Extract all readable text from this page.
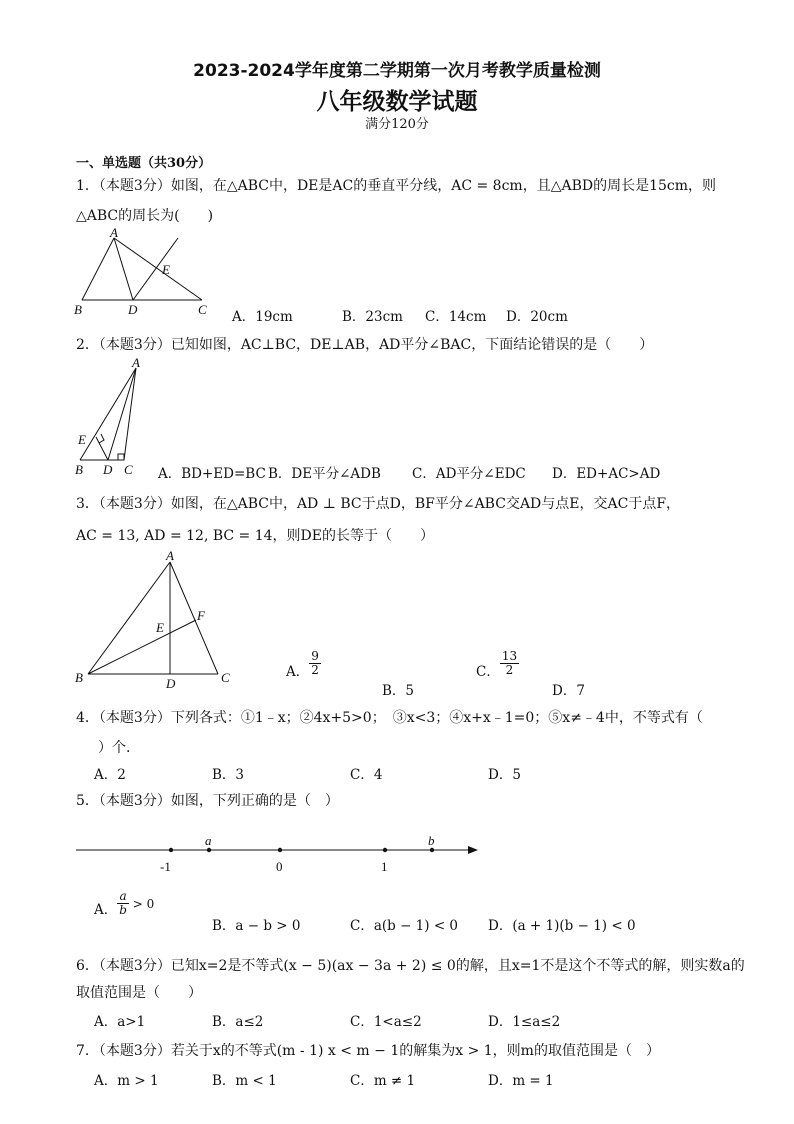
2023-2024学年度第二学期第一次月考教学质量检测
八年级数学试题
满分120分
一、单选题（共30分）
1．（本题3分）如图，在△ABC中，DE是AC的垂直平分线，AC = 8cm，且△ABD的周长是15cm，则
△ABC的周长为(　　)
A
B	D	C
E
A．19cm	B．23cm C．14cm D．20cm
2．（本题3分）已知如图，AC⊥BC，DE⊥AB，AD平分∠BAC，下面结论错误的是（　　）
A
E
B D C A．BD+ED=BC B．DE平分∠ADB C．AD平分∠EDC D．ED+AC>AD
3．（本题3分）如图，在△ABC中，AD ⊥ BC于点D，BF平分∠ABC交AD与点E，交AC于点F，
AC = 13, AD = 12, BC = 14，则DE的长等于（　　）
A
F
E
B	D	C	A． $\frac{9}{2}$
B．5
C． $\frac{13}{2}$
D．7
4．（本题3分）下列各式：①1﹣x；②4x+5>0；　③x<3；④x+x﹣1=0；⑤x≠﹣4中，不等式有（
　）个.
A．2	B．3	C．4	D．5
5．（本题3分）如图，下列正确的是（　）
-1	0	1
a	b
A． $\frac{a}{b} > 0$
B．a − b > 0	C．a(b − 1) < 0 D．(a + 1)(b − 1) < 0
6．（本题3分）已知x=2是不等式(x − 5)(ax − 3a + 2) ≤ 0的解，且x=1不是这个不等式的解，则实数a的
取值范围是（　　）
A．a>1	B．a≤2	C．1<a≤2	D．1≤a≤2
7．（本题3分）若关于x的不等式(m - 1) x < m − 1的解集为x > 1，则m的取值范围是（　）
A．m > 1	B．m < 1	C．m ≠ 1	D．m = 1
